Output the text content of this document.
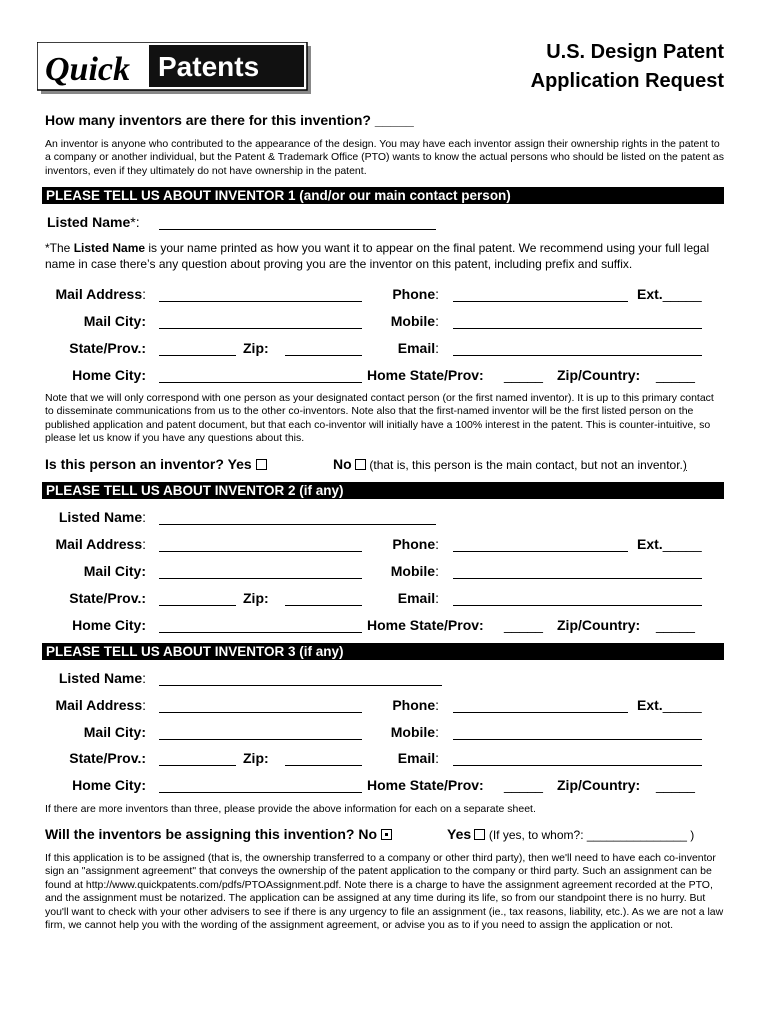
Quick Patents	U.S. Design Patent
Application Request
How many inventors are there for this invention? _____
An inventor is anyone who contributed to the appearance of the design. You may have each inventor assign their ownership rights in the patent to a company or another individual, but the Patent & Trademark Office (PTO) wants to know the actual persons who should be listed on the patent as inventors, even if they ultimately do not have ownership in the patent.
PLEASE TELL US ABOUT INVENTOR 1 (and/or our main contact person)
Listed Name*:
*The Listed Name is your name printed as how you want it to appear on the final patent. We recommend using your full legal name in case there’s any question about proving you are the inventor on this patent, including prefix and suffix.
Mail Address:	Phone:	Ext._____
Mail City:	Mobile:
State/Prov.:	Zip:	Email:
Home City:	Home State/Prov: _____ Zip/Country: _____
Note that we will only correspond with one person as your designated contact person (or the first named inventor). It is up to this primary contact to disseminate communications from us to the other co-inventors. Note also that the first-named inventor will be the first listed person on the published application and patent document, but that each co-inventor will initially have a 100% interest in the patent. This is counter-intuitive, so please let us know if you have any questions about this.
Is this person an inventor? Yes	No (that is, this person is the main contact, but not an inventor.)
PLEASE TELL US ABOUT INVENTOR 2 (if any)
Listed Name:
Mail Address:	Phone:	Ext._____
Mail City:	Mobile:
State/Prov.:	Zip:	Email:
Home City:	Home State/Prov: _____ Zip/Country: _____
PLEASE TELL US ABOUT INVENTOR 3 (if any)
Listed Name:
Mail Address:	Phone:	Ext._____
Mail City:	Mobile:
State/Prov.:	Zip:	Email:
Home City:	Home State/Prov: _____ Zip/Country: _____
If there are more inventors than three, please provide the above information for each on a separate sheet.
Will the inventors be assigning this invention? No	Yes (If yes, to whom?: _______________ )
If this application is to be assigned (that is, the ownership transferred to a company or other third party), then we'll need to have each co-inventor sign an "assignment agreement" that conveys the ownership of the patent application to the company or third party. Such an assignment can be found at http://www.quickpatents.com/pdfs/PTOAssignment.pdf. Note there is a charge to have the assignment agreement recorded at the PTO, and the assignment must be notarized. The application can be assigned at any time during its life, so from our standpoint there is no hurry. But you'll want to check with your other advisers to see if there is any urgency to file an assignment (ie., tax reasons, liability, etc.). As we are not a law firm, we cannot help you with the wording of the assignment agreement, or advise you as to if you need to assign the application or not.
